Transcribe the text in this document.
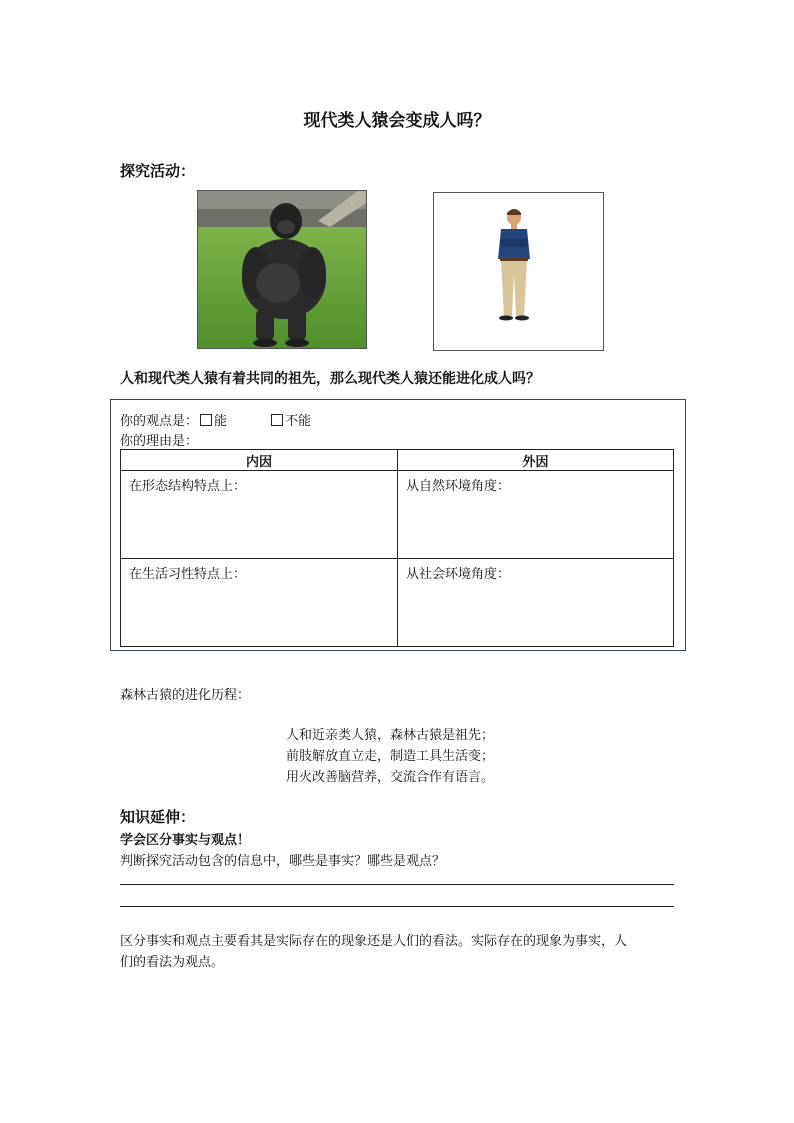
现代类人猿会变成人吗？
探究活动：
人和现代类人猿有着共同的祖先，那么现代类人猿还能进化成人吗？
你的观点是： 能	不能
你的理由是：
内因	外因
在形态结构特点上：	从自然环境角度：
在生活习性特点上：	从社会环境角度：
森林古猿的进化历程：
人和近亲类人猿，森林古猿是祖先；
前肢解放直立走，制造工具生活变；
用火改善脑营养，交流合作有语言。
知识延伸：
学会区分事实与观点！
判断探究活动包含的信息中，哪些是事实？哪些是观点？
区分事实和观点主要看其是实际存在的现象还是人们的看法。实际存在的现象为事实，人
们的看法为观点。
